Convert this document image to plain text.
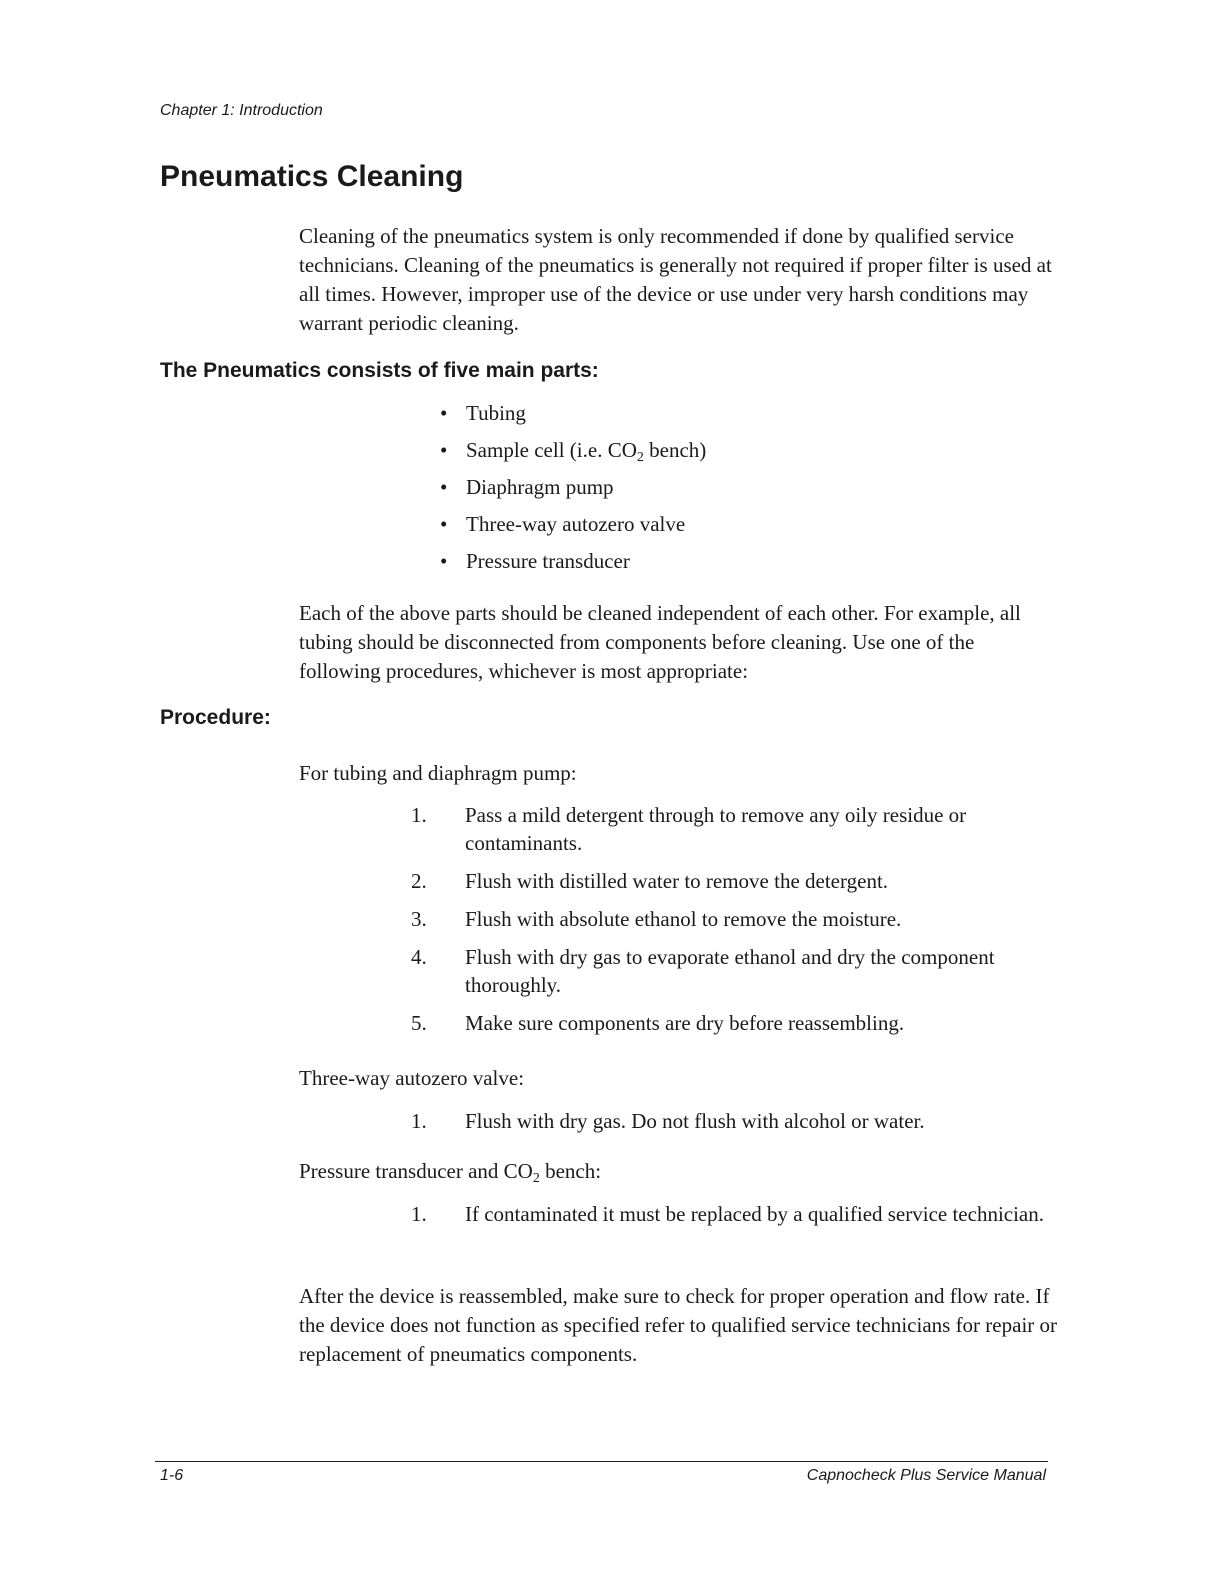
Chapter 1: Introduction
Pneumatics Cleaning

Cleaning of the pneumatics system is only recommended if done by qualified service technicians. Cleaning of the pneumatics is generally not required if proper filter is used at all times. However, improper use of the device or use under very harsh conditions may warrant periodic cleaning.

The Pneumatics consists of five main parts:
• Tubing
• Sample cell (i.e. $CO_2$ bench)
• Diaphragm pump
• Three-way autozero valve
• Pressure transducer

Each of the above parts should be cleaned independent of each other. For example, all tubing should be disconnected from components before cleaning. Use one of the following procedures, whichever is most appropriate:

Procedure:

For tubing and diaphragm pump:

1. Pass a mild detergent through to remove any oily residue or contaminants.
2. Flush with distilled water to remove the detergent.
3. Flush with absolute ethanol to remove the moisture.
4. Flush with dry gas to evaporate ethanol and dry the component thoroughly.
5. Make sure components are dry before reassembling.

Three-way autozero valve:

1. Flush with dry gas. Do not flush with alcohol or water.

Pressure transducer and $CO_2$ bench:

1. If contaminated it must be replaced by a qualified service technician.

After the device is reassembled, make sure to check for proper operation and flow rate. If the device does not function as specified refer to qualified service technicians for repair or replacement of pneumatics components.

1-6	Capnocheck Plus Service Manual
